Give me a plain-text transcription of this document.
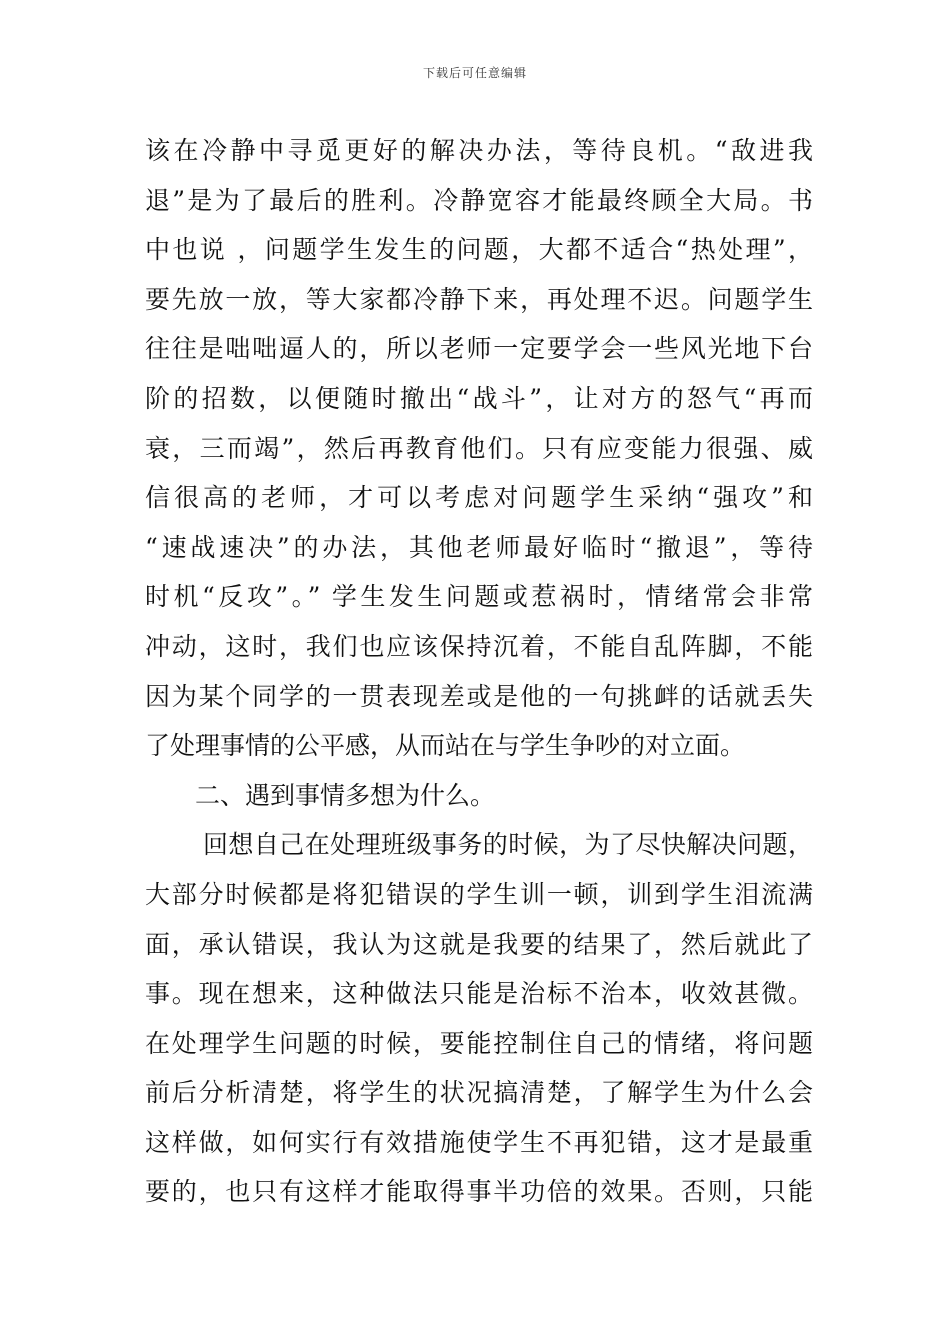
下载后可任意编辑
该在冷静中寻觅更好的解决办法，等待良机。“敌进我
退”是为了最后的胜利。冷静宽容才能最终顾全大局。书
中也说 ，问题学生发生的问题，大都不适合“热处理”，
要先放一放，等大家都冷静下来，再处理不迟。问题学生
往往是咄咄逼人的，所以老师一定要学会一些风光地下台
阶的招数，以便随时撤出“战斗”，让对方的怒气“再而
衰，三而竭”，然后再教育他们。只有应变能力很强、威
信很高的老师，才可以考虑对问题学生采纳“强攻”和
“速战速决”的办法，其他老师最好临时“撤退”，等待
时机“反攻”。” 学生发生问题或惹祸时，情绪常会非常
冲动，这时，我们也应该保持沉着，不能自乱阵脚，不能
因为某个同学的一贯表现差或是他的一句挑衅的话就丢失
了处理事情的公平感，从而站在与学生争吵的对立面。
二、遇到事情多想为什么。
回想自己在处理班级事务的时候，为了尽快解决问题，
大部分时候都是将犯错误的学生训一顿，训到学生泪流满
面，承认错误，我认为这就是我要的结果了，然后就此了
事。现在想来，这种做法只能是治标不治本，收效甚微。
在处理学生问题的时候，要能控制住自己的情绪，将问题
前后分析清楚，将学生的状况搞清楚，了解学生为什么会
这样做，如何实行有效措施使学生不再犯错，这才是最重
要的，也只有这样才能取得事半功倍的效果。否则，只能
